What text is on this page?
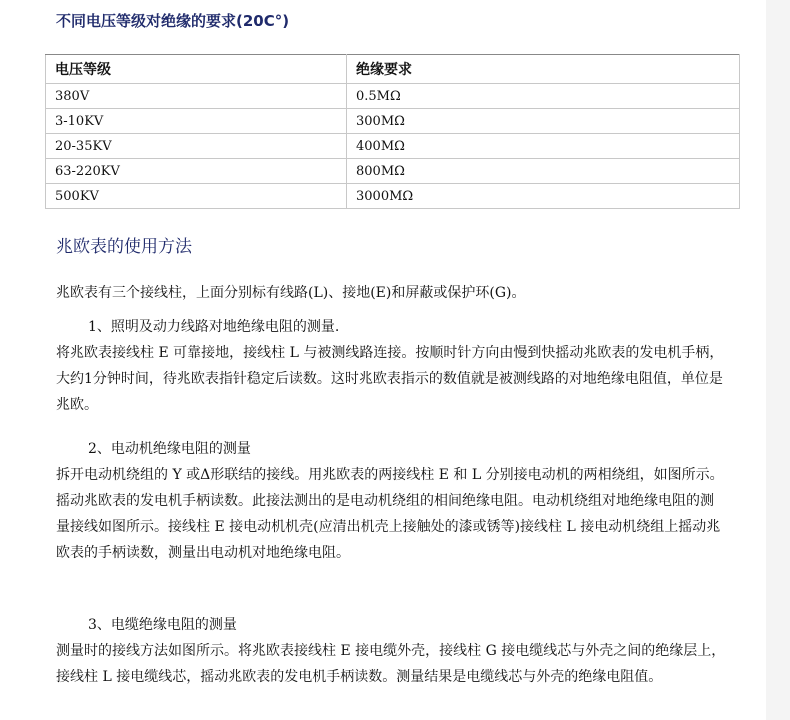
不同电压等级对绝缘的要求(20C°)
电压等级	绝缘要求
380V	0.5MΩ
3-10KV	300MΩ
20-35KV	400MΩ
63-220KV	800MΩ
500KV	3000MΩ
兆欧表的使用方法

兆欧表有三个接线柱，上面分别标有线路(L)、接地(E)和屏蔽或保护环(G)。

1、照明及动力线路对地绝缘电阻的测量.

将兆欧表接线柱 E 可靠接地，接线柱 L 与被测线路连接。按顺时针方向由慢到快摇动兆欧表的发电机手柄，大约1分钟时间，待兆欧表指针稳定后读数。这时兆欧表指示的数值就是被测线路的对地绝缘电阻值，单位是兆欧。

2、电动机绝缘电阻的测量

拆开电动机绕组的 Y 或Δ形联结的接线。用兆欧表的两接线柱 E 和 L 分别接电动机的两相绕组，如图所示。摇动兆欧表的发电机手柄读数。此接法测出的是电动机绕组的相间绝缘电阻。电动机绕组对地绝缘电阻的测量接线如图所示。接线柱 E 接电动机机壳(应清出机壳上接触处的漆或锈等)接线柱 L 接电动机绕组上摇动兆欧表的手柄读数，测量出电动机对地绝缘电阻。

3、电缆绝缘电阻的测量

测量时的接线方法如图所示。将兆欧表接线柱 E 接电缆外壳，接线柱 G 接电缆线芯与外壳之间的绝缘层上，接线柱 L 接电缆线芯，摇动兆欧表的发电机手柄读数。测量结果是电缆线芯与外壳的绝缘电阻值。
